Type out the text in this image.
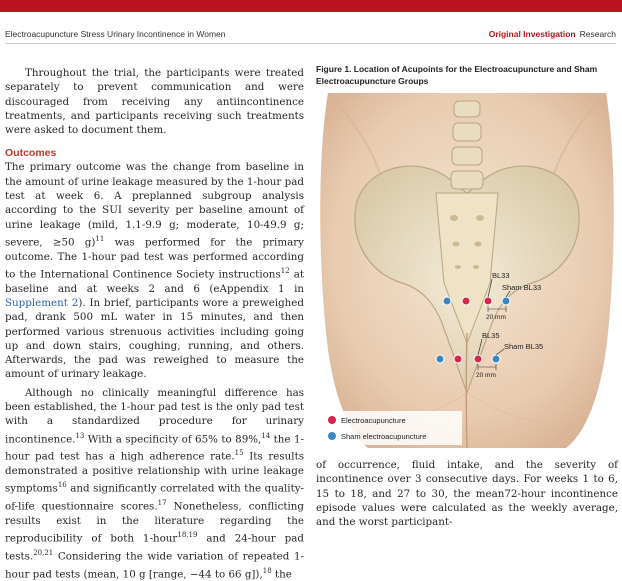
Electroacupuncture Stress Urinary Incontinence in Women	Original Investigation Research

Throughout the trial, the participants were treated separately to prevent communication and were discouraged from receiving any antiincontinence treatments, and participants receiving such treatments were asked to document them.

Outcomes

The primary outcome was the change from baseline in the amount of urine leakage measured by the 1-hour pad test at week 6. A preplanned subgroup analysis according to the SUI severity per baseline amount of urine leakage (mild, 1.1-9.9 g; moderate, 10-49.9 g; severe, ≥50 g)$^{11}$ was performed for the primary outcome. The 1-hour pad test was performed according to the International Continence Society instructions$^{12}$ at baseline and at weeks 2 and 6 (eAppendix 1 in Supplement 2). In brief, participants wore a preweighed pad, drank 500 mL water in 15 minutes, and then performed various strenuous activities including going up and down stairs, coughing, running, and others. Afterwards, the pad was reweighed to measure the amount of urinary leakage.

Although no clinically meaningful difference has been established, the 1-hour pad test is the only pad test with a standardized procedure for urinary incontinence.$^{13}$ With a specificity of 65% to 89%,$^{14}$ the 1-hour pad test has a high adherence rate.$^{15}$ Its results demonstrated a positive relationship with urine leakage symptoms$^{16}$ and significantly correlated with the quality-of-life questionnaire scores.$^{17}$ Nonetheless, conflicting results exist in the literature regarding the reproducibility of both 1-hour$^{18,19}$ and 24-hour pad tests.$^{20,21}$ Considering the wide variation of repeated 1-hour pad tests (mean, 10 g [range, −44 to 66 g]),$^{18}$ the

Figure 1. Location of Acupoints for the Electroacupuncture and Sham Electroacupuncture Groups
BL33
Sham BL33
20 mm
BL35
Sham BL35
20 mm
Electroacupuncture
Sham electroacupuncture

of occurrence, fluid intake, and the severity of incontinence over 3 consecutive days. For weeks 1 to 6, 15 to 18, and 27 to 30, the mean72-hour incontinence episode values were calculated as the weekly average, and the worst participant-
